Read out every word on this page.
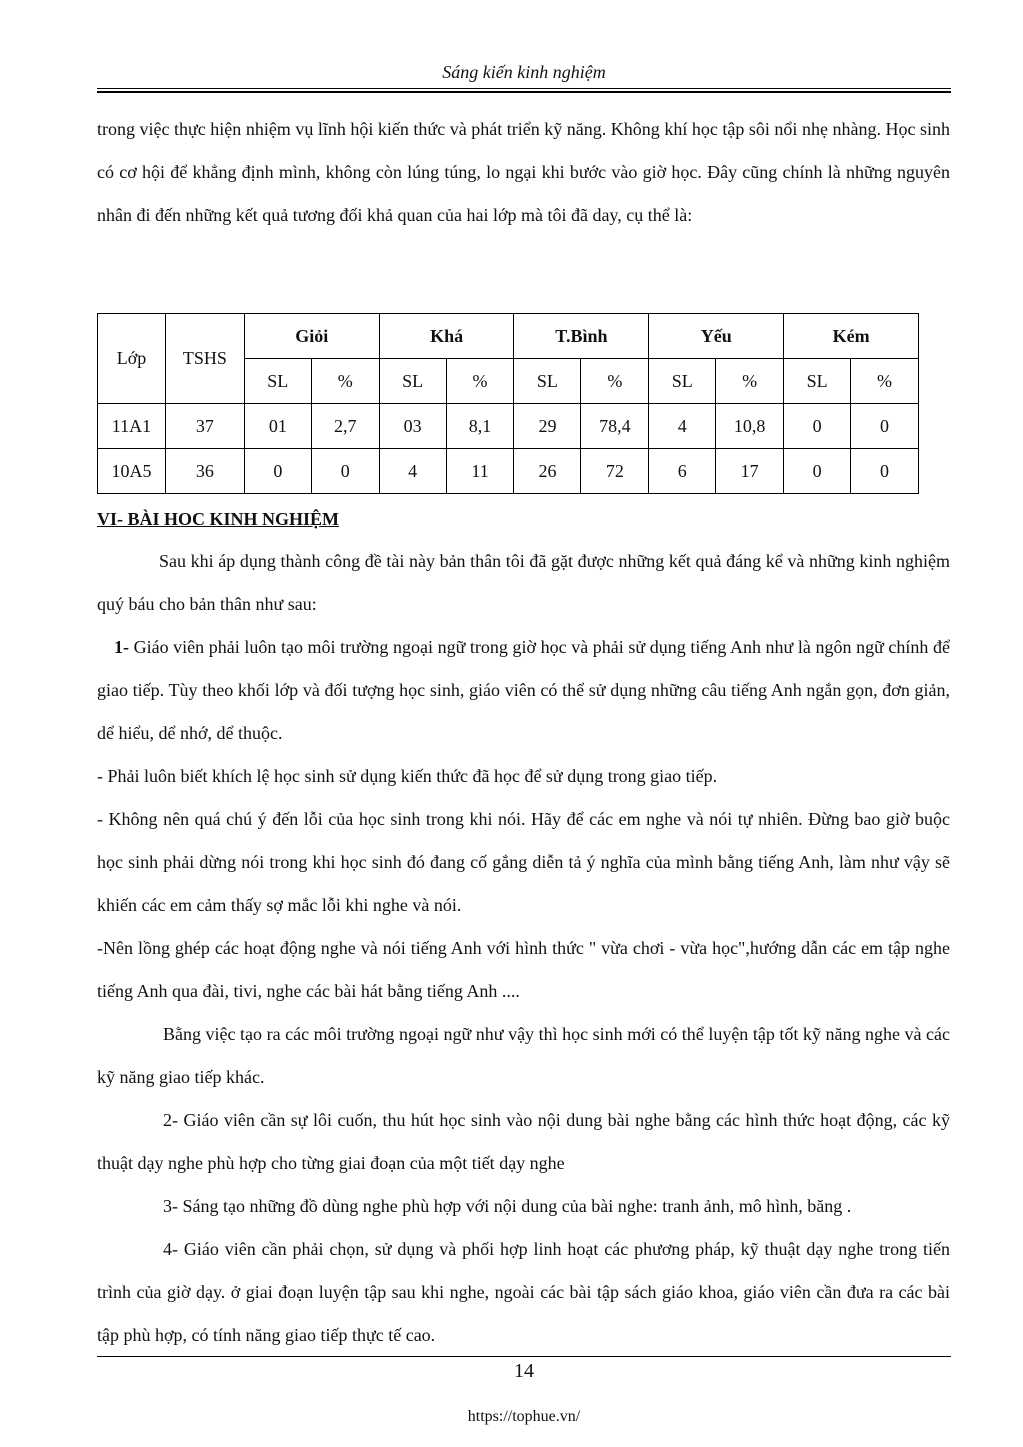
Sáng kiến kinh nghiệm

trong việc thực hiện nhiệm vụ lĩnh hội kiến thức và phát triển kỹ năng. Không khí học tập sôi nổi nhẹ nhàng. Học sinh có cơ hội để khẳng định mình, không còn lúng túng, lo ngại khi bước vào giờ học. Đây cũng chính là những nguyên nhân đi đến những kết quả tương đối khả quan của hai lớp mà tôi đã day, cụ thể là:

Lớp	TSHS	Giỏi		Khá		T.Bình		Yếu		Kém	
		SL	%	SL	%	SL	%	SL	%	SL	%
11A1	37	01	2,7	03	8,1	29	78,4	4	10,8	0	0
10A5	36	0	0	4	11	26	72	6	17	0	0
VI- BÀI HOC KINH NGHIỆM

Sau khi áp dụng thành công đề tài này bản thân tôi đã gặt được những kết quả đáng kể và những kinh nghiệm quý báu cho bản thân như sau:

1- Giáo viên phải luôn tạo môi trường ngoại ngữ trong giờ học và phải sử dụng tiếng Anh như là ngôn ngữ chính để giao tiếp. Tùy theo khối lớp và đối tượng học sinh, giáo viên có thể sử dụng những câu tiếng Anh ngắn gọn, đơn giản, dể hiểu, dể nhớ, dể thuộc.

- Phải luôn biết khích lệ học sinh sử dụng kiến thức đã học để sử dụng trong giao tiếp.

- Không nên quá chú ý đến lỗi của học sinh trong khi nói. Hãy để các em nghe và nói tự nhiên. Đừng bao giờ buộc học sinh phải dừng nói trong khi học sinh đó đang cố gắng diễn tả ý nghĩa của mình bằng tiếng Anh, làm như vậy sẽ khiến các em cảm thấy sợ mắc lỗi khi nghe và nói.

-Nên lồng ghép các hoạt động nghe và nói tiếng Anh với hình thức " vừa chơi - vừa học",hướng dẫn các em tập nghe tiếng Anh qua đài, tivi, nghe các bài hát bằng tiếng Anh ....

Bằng việc tạo ra các môi trường ngoại ngữ như vậy thì học sinh mới có thể luyện tập tốt kỹ năng nghe và các kỹ năng giao tiếp khác.

2- Giáo viên cần sự lôi cuốn, thu hút học sinh vào nội dung bài nghe bằng các hình thức hoạt động, các kỹ thuật dạy nghe phù hợp cho từng giai đoạn của một tiết dạy nghe

3- Sáng tạo những đồ dùng nghe phù hợp với nội dung của bài nghe: tranh ảnh, mô hình, băng .

4- Giáo viên cần phải chọn, sử dụng và phối hợp linh hoạt các phương pháp, kỹ thuật dạy nghe trong tiến trình của giờ dạy. ở giai đoạn luyện tập sau khi nghe, ngoài các bài tập sách giáo khoa, giáo viên cần đưa ra các bài tập phù hợp, có tính năng giao tiếp thực tế cao.

14
https://tophue.vn/
